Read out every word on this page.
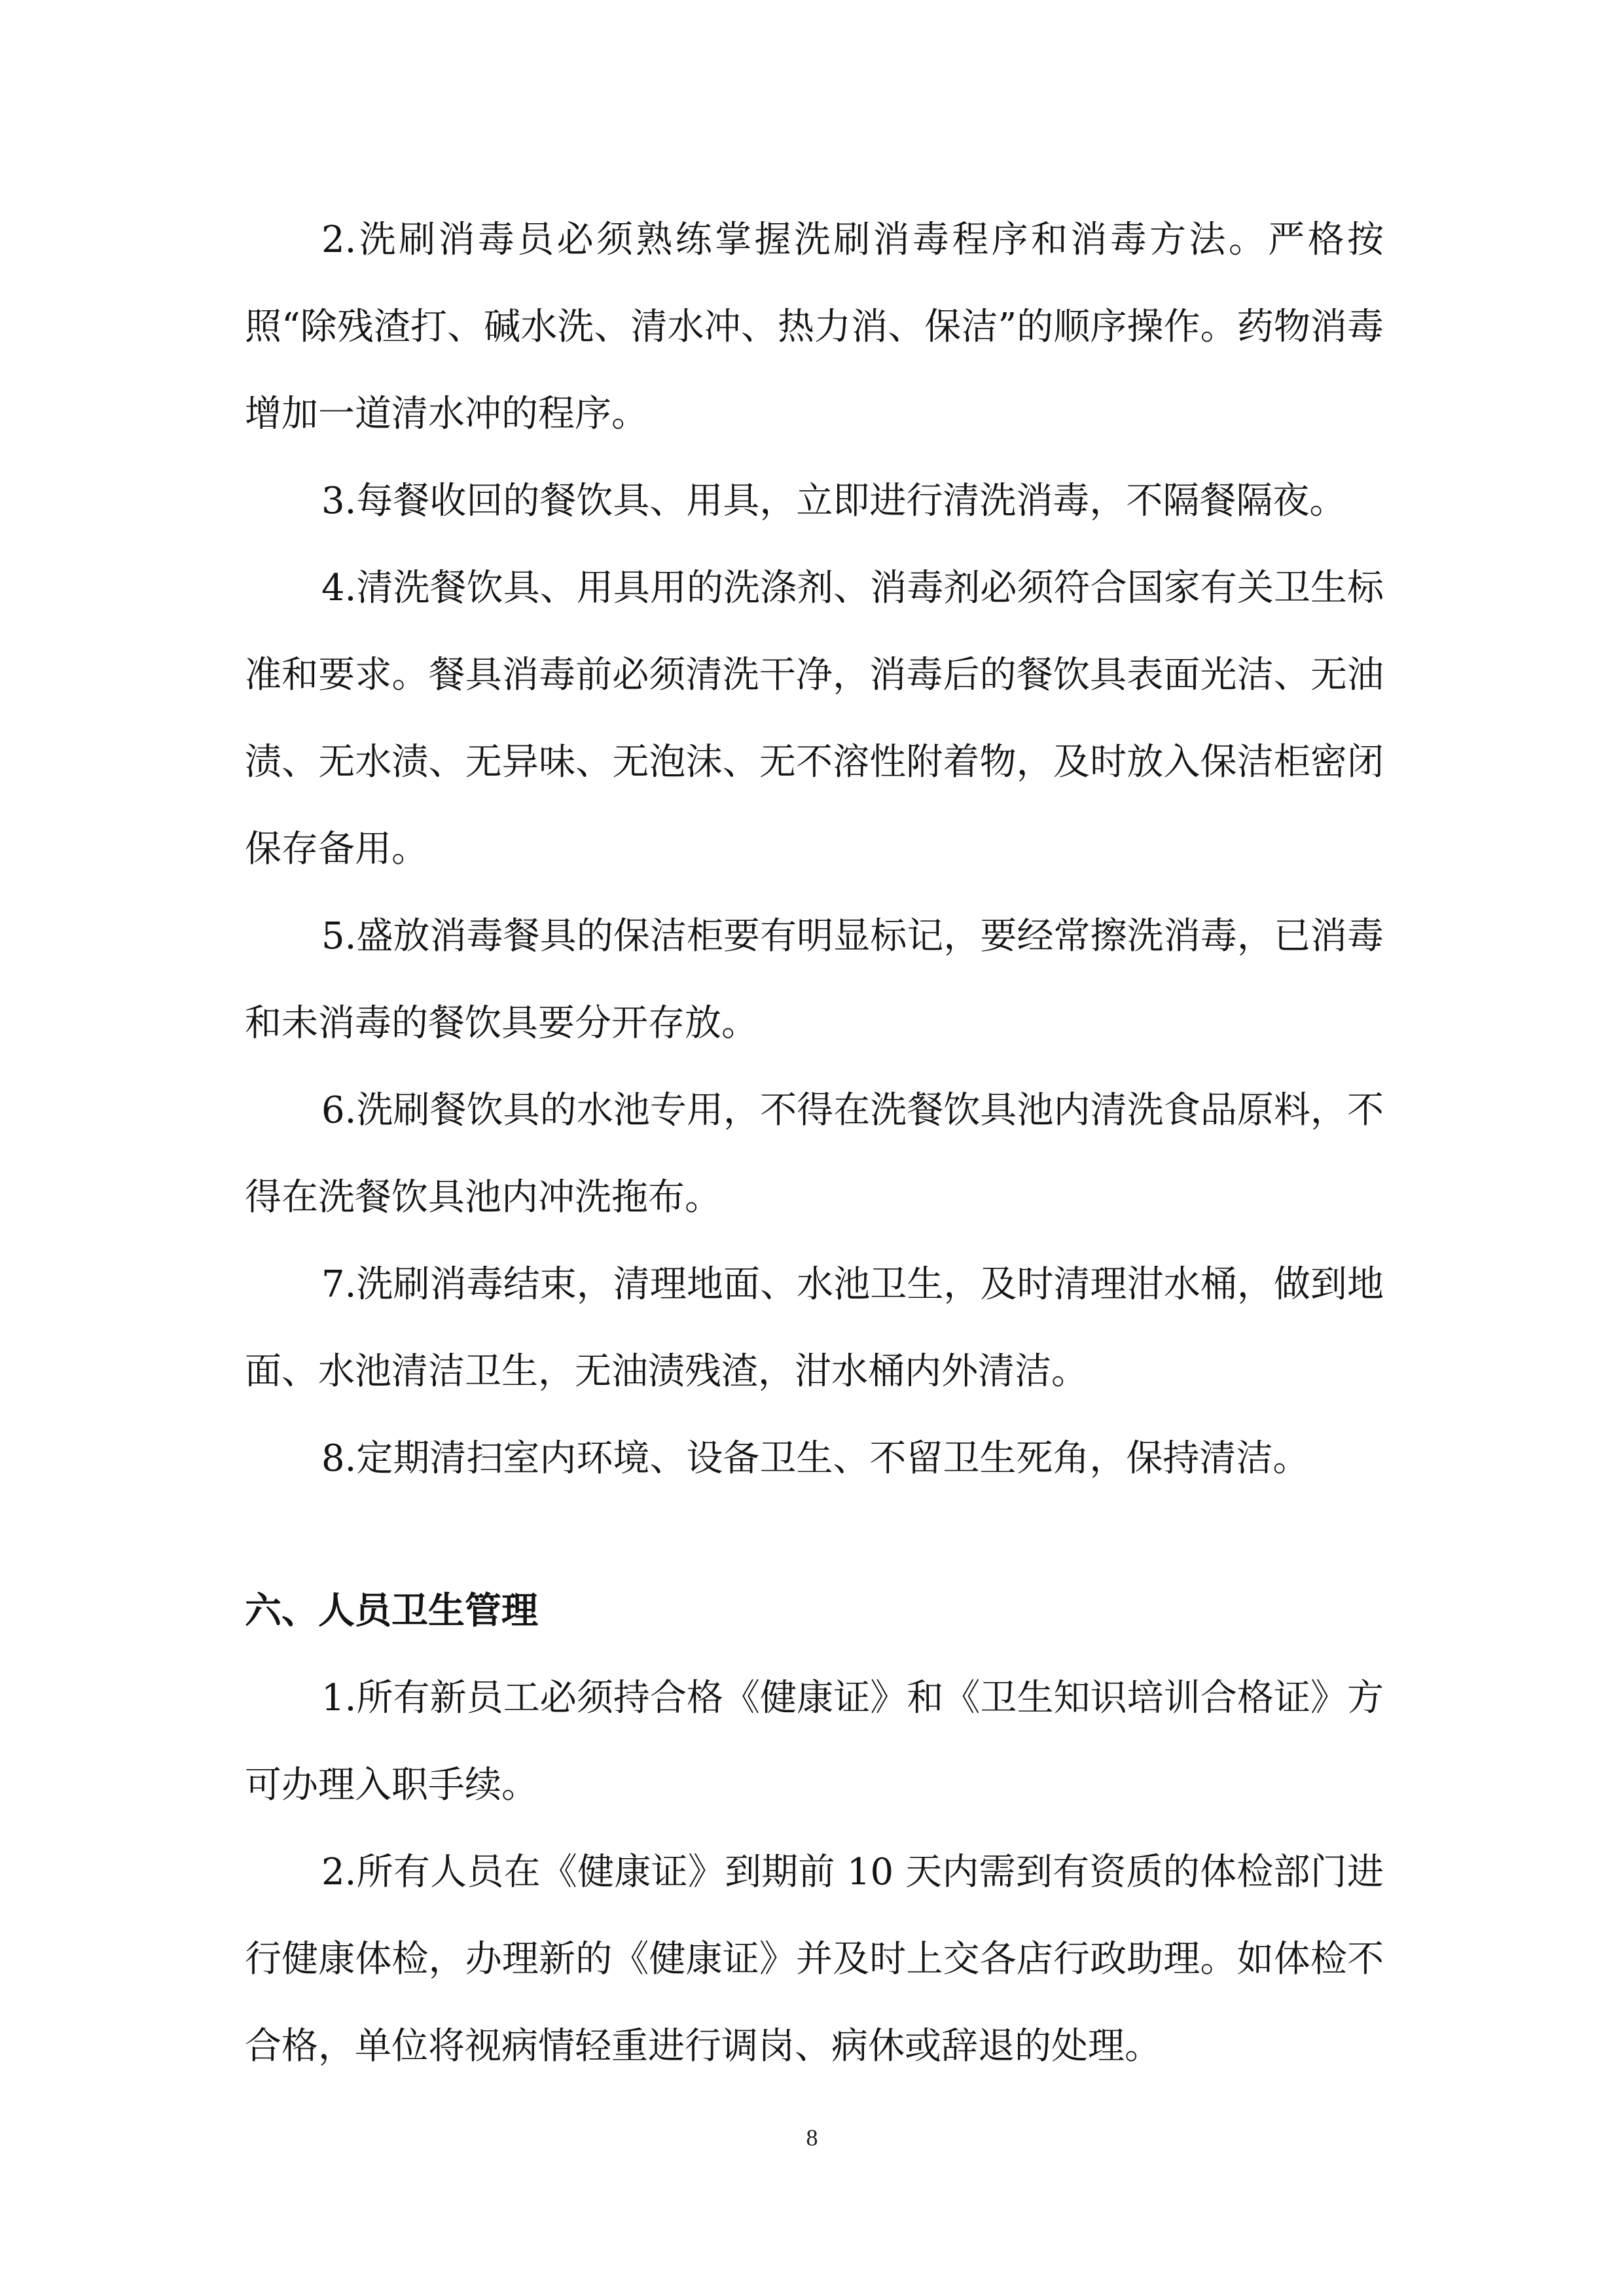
2.洗刷消毒员必须熟练掌握洗刷消毒程序和消毒方法。严格按照“除残渣打、碱水洗、清水冲、热力消、保洁”的顺序操作。药物消毒增加一道清水冲的程序。

3.每餐收回的餐饮具、用具，立即进行清洗消毒，不隔餐隔夜。

4.清洗餐饮具、用具用的洗涤剂、消毒剂必须符合国家有关卫生标准和要求。餐具消毒前必须清洗干净，消毒后的餐饮具表面光洁、无油渍、无水渍、无异味、无泡沫、无不溶性附着物，及时放入保洁柜密闭保存备用。

5.盛放消毒餐具的保洁柜要有明显标记，要经常擦洗消毒，已消毒和未消毒的餐饮具要分开存放。

6.洗刷餐饮具的水池专用，不得在洗餐饮具池内清洗食品原料，不得在洗餐饮具池内冲洗拖布。

7.洗刷消毒结束，清理地面、水池卫生，及时清理泔水桶，做到地面、水池清洁卫生，无油渍残渣，泔水桶内外清洁。

8.定期清扫室内环境、设备卫生、不留卫生死角，保持清洁。

六、人员卫生管理

1.所有新员工必须持合格《健康证》和《卫生知识培训合格证》方可办理入职手续。

2.所有人员在《健康证》到期前 10 天内需到有资质的体检部门进行健康体检，办理新的《健康证》并及时上交各店行政助理。如体检不合格，单位将视病情轻重进行调岗、病休或辞退的处理。

8
